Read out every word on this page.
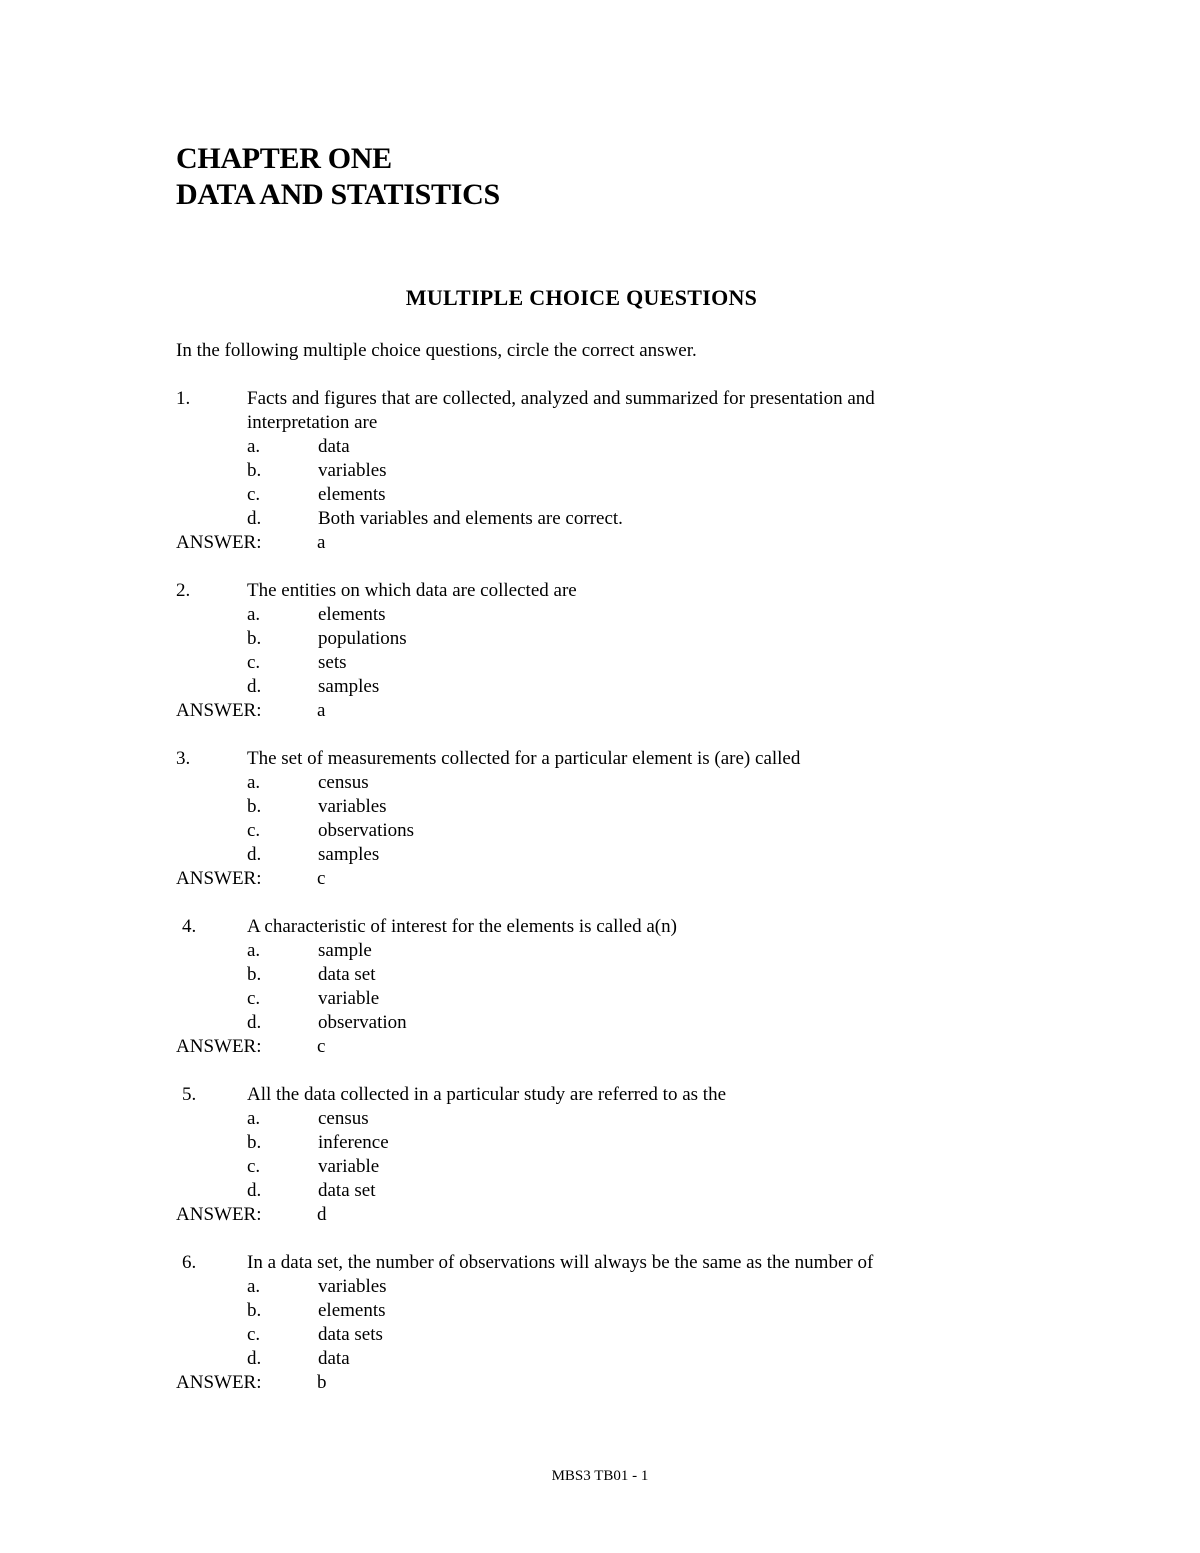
CHAPTER ONE
DATA AND STATISTICS
MULTIPLE CHOICE QUESTIONS
In the following multiple choice questions, circle the correct answer.
1.	Facts and figures that are collected, analyzed and summarized for presentation and interpretation are
a.	data
b.	variables
c.	elements
d.	Both variables and elements are correct.
ANSWER:	a
2.	The entities on which data are collected are
a.	elements
b.	populations
c.	sets
d.	samples
ANSWER:	a
3.	The set of measurements collected for a particular element is (are) called
a.	census
b.	variables
c.	observations
d.	samples
ANSWER:	c
4.	A characteristic of interest for the elements is called a(n)
a.	sample
b.	data set
c.	variable
d.	observation
ANSWER:	c
5.	All the data collected in a particular study are referred to as the
a.	census
b.	inference
c.	variable
d.	data set
ANSWER:	d
6.	In a data set, the number of observations will always be the same as the number of
a.	variables
b.	elements
c.	data sets
d.	data
ANSWER:	b
MBS3 TB01 - 1
